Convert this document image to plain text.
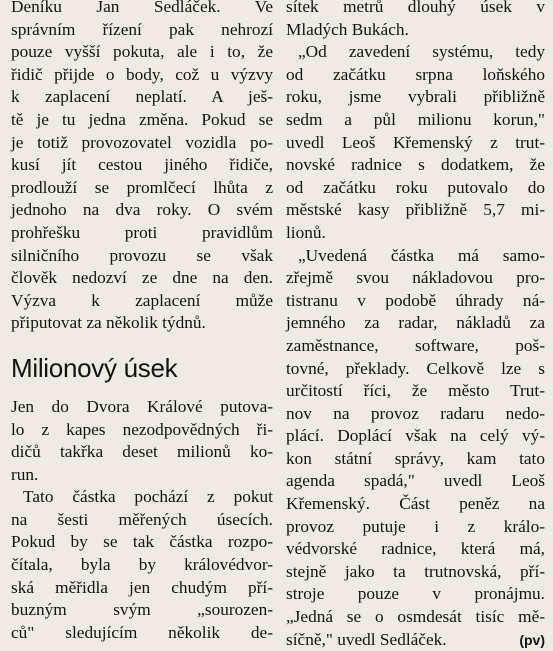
Deníku Jan Sedláček. Ve
správním řízení pak nehrozí
pouze vyšší pokuta, ale i to, že
řidič přijde o body, což u výzvy
k zaplacení neplatí. A ješ-
tě je tu jedna změna. Pokud se
je totiž provozovatel vozidla po-
kusí jít cestou jiného řidiče,
prodlouží se promlčecí lhůta z
jednoho na dva roky. O svém
prohřešku proti pravidlům
silničního provozu se však
člověk nedozví ze dne na den.
Výzva k zaplacení může
připutovat za několik týdnů.
Milionový úsek
Jen do Dvora Králové putova-
lo z kapes nezodpovědných ři-
dičů takřka deset milionů ko-
run.
Tato částka pochází z pokut
na šesti měřených úsecích.
Pokud by se tak částka rozpo-
čítala, byla by královédvor-
ská měřidla jen chudým pří-
buzným svým „sourozen-
ců" sledujícím několik de-
sítek metrů dlouhý úsek v
Mladých Bukách.
„Od zavedení systému, tedy
od začátku srpna loňského
roku, jsme vybrali přibližně
sedm a půl milionu korun,"
uvedl Leoš Křemenský z trut-
novské radnice s dodatkem, že
od začátku roku putovalo do
městské kasy přibližně 5,7 mi-
lionů.
„Uvedená částka má samo-
zřejmě svou nákladovou pro-
tistranu v podobě úhrady ná-
jemného za radar, nákladů za
zaměstnance, software, poš-
tovné, překlady. Celkově lze s
určitostí říci, že město Trut-
nov na provoz radaru nedo-
plácí. Doplácí však na celý vý-
kon státní správy, kam tato
agenda spadá," uvedl Leoš
Křemenský. Část peněz na
provoz putuje i z králo-
védvorské radnice, která má,
stejně jako ta trutnovská, pří-
stroje pouze v pronájmu.
„Jedná se o osmdesát tisíc mě-
síčně," uvedl Sedláček.	(pv)
